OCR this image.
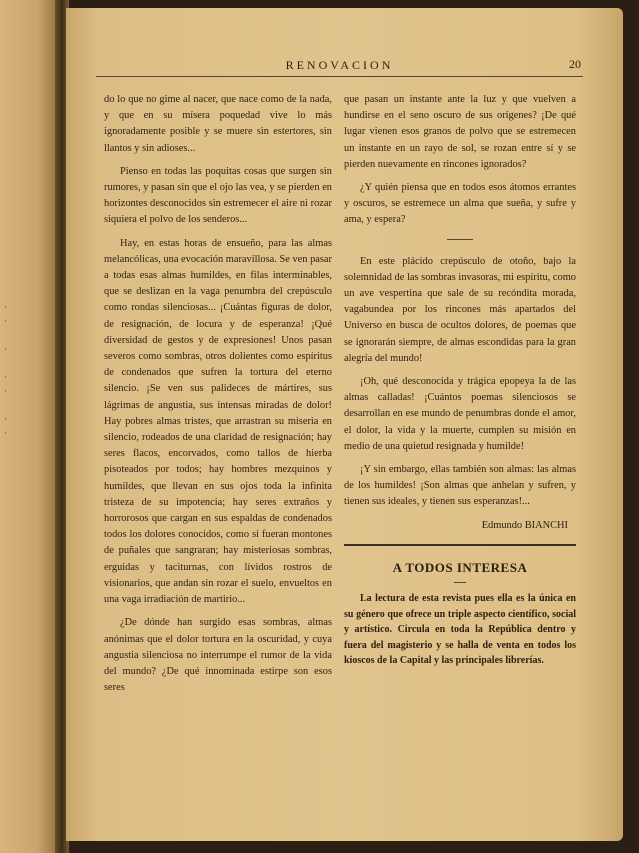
·
·

·

·
·

·
·
RENOVACION	20

do lo que no gime al nacer, que nace como de la nada, y que en su mísera poquedad vive lo más ignoradamente posible y se muere sin estertores, sin llantos y sin adioses...

Pienso en todas las poquitas cosas que surgen sin rumores, y pasan sin que el ojo las vea, y se pierden en horizontes desconocidos sin estremecer el aire ni rozar siquiera el polvo de los senderos...

Hay, en estas horas de ensueño, para las almas melancólicas, una evocación maravillosa. Se ven pasar a todas esas almas humildes, en filas interminables, que se deslizan en la vaga penumbra del crepúsculo como rondas silenciosas... ¡Cuántas figuras de dolor, de resignación, de locura y de esperanza! ¡Qué diversidad de gestos y de expresiones! Unos pasan severos como sombras, otros dolientes como espíritus de condenados que sufren la tortura del eterno silencio. ¡Se ven sus palideces de mártires, sus lágrimas de angustia, sus intensas miradas de dolor! Hay pobres almas tristes, que arrastran su miseria en silencio, rodeados de una claridad de resignación; hay seres flacos, encorvados, como tallos de hierba pisoteados por todos; hay hombres mezquinos y humildes, que llevan en sus ojos toda la infinita tristeza de su impotencia; hay seres extraños y horrorosos que cargan en sus espaldas de condenados todos los dolores conocidos, como si fueran montones de puñales que sangraran; hay misteriosas sombras, erguidas y taciturnas, con lívidos rostros de visionarios, que andan sin rozar el suelo, envueltos en una vaga irradiación de martirio...

¿De dónde han surgido esas sombras, almas anónimas que el dolor tortura en la oscuridad, y cuya angustia silenciosa no interrumpe el rumor de la vida del mundo? ¿De qué innominada estirpe son esos seres

que pasan un instante ante la luz y que vuelven a hundirse en el seno oscuro de sus orígenes? ¡De qué lugar vienen esos granos de polvo que se estremecen un instante en un rayo de sol, se rozan entre sí y se pierden nuevamente en rincones ignorados?

¿Y quién piensa que en todos esos átomos errantes y oscuros, se estremece un alma que sueña, y sufre y ama, y espera?

En este plácido crepúsculo de otoño, bajo la solemnidad de las sombras invasoras, mi espíritu, como un ave vespertina que sale de su recóndita morada, vagabundea por los rincones más apartados del Universo en busca de ocultos dolores, de poemas que se ignorarán siempre, de almas escondidas para la gran alegría del mundo!

¡Oh, qué desconocida y trágica epopeya la de las almas calladas! ¡Cuántos poemas silenciosos se desarrollan en ese mundo de penumbras donde el amor, el dolor, la vida y la muerte, cumplen su misión en medio de una quietud resignada y humilde!

¡Y sin embargo, ellas también son almas: las almas de los humildes! ¡Son almas que anhelan y sufren, y tienen sus ideales, y tienen sus esperanzas!...

Edmundo BIANCHI
A TODOS INTERESA

La lectura de esta revista pues ella es la única en su género que ofrece un triple aspecto científico, social y artístico. Circula en toda la República dentro y fuera del magisterio y se halla de venta en todos los kioscos de la Capital y las principales librerías.
